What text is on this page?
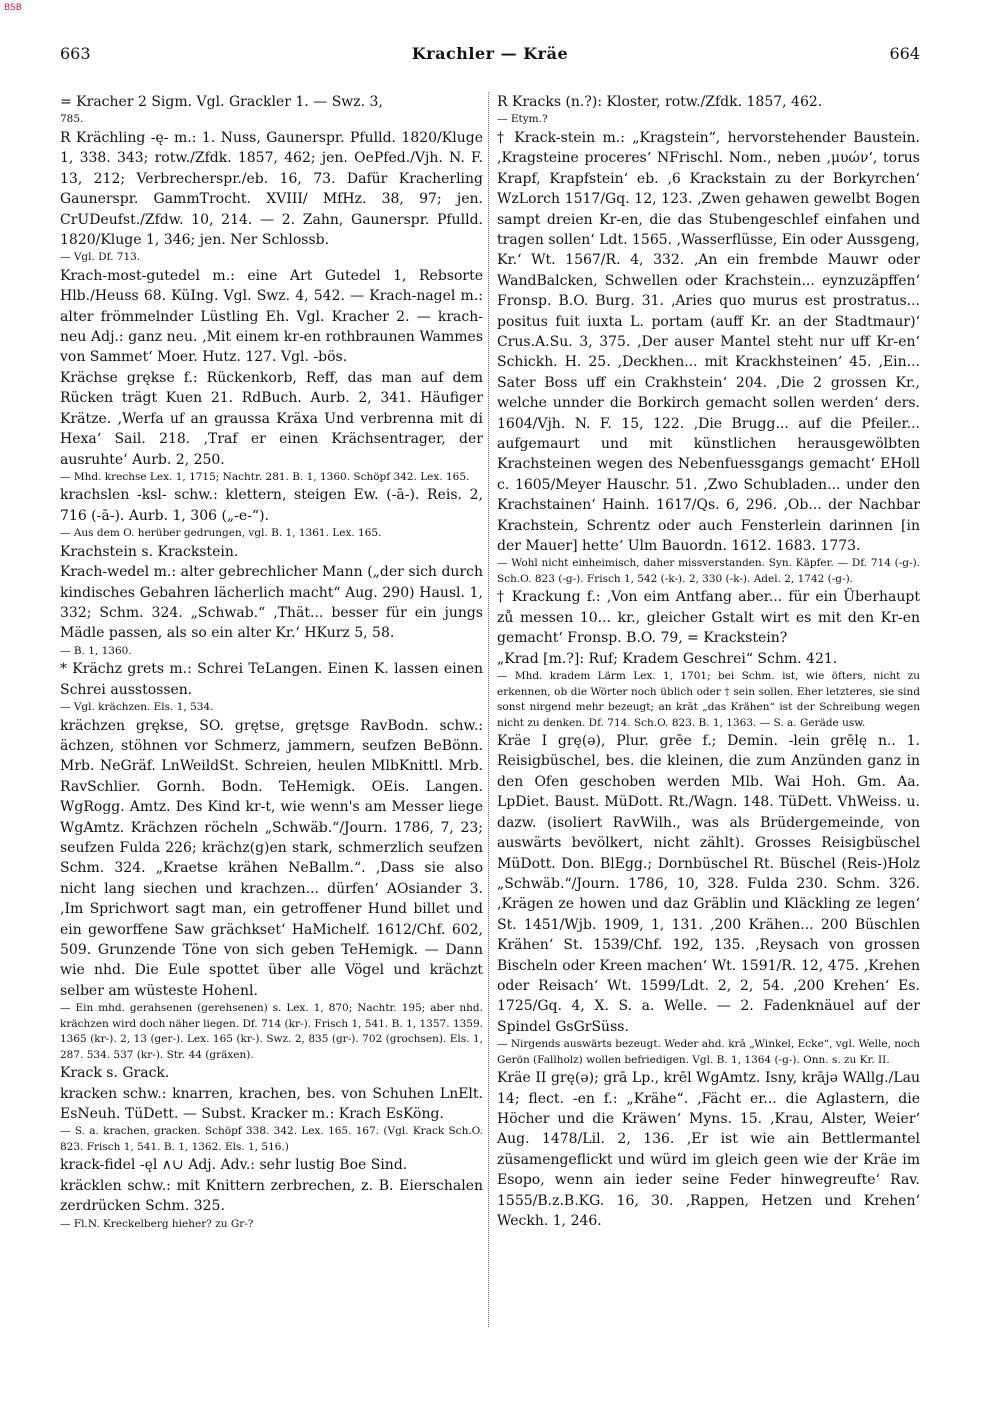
BSB
663	Krachler — Kräe	664

= Kracher 2 Sigm. Vgl. Grackler 1. — Swz. 3,

785.

R Krächling -ę- m.: 1. Nuss, Gaunerspr. Pfulld. 1820/Kluge 1, 338. 343; rotw./Zfdk. 1857, 462; jen. OePfed./Vjh. N. F. 13, 212; Verbrecherspr./eb. 16, 73. Dafür Kracherling Gaunerspr. GammTrocht. XVIII/ MfHz. 38, 97; jen. CrUDeufst./Zfdw. 10, 214. — 2. Zahn, Gaunerspr. Pfulld. 1820/Kluge 1, 346; jen. Ner Schlossb.

— Vgl. Df. 713.

Krach-most-gutedel m.: eine Art Gutedel 1, Rebsorte Hlb./Heuss 68. KüIng. Vgl. Swz. 4, 542. — Krach-nagel m.: alter frömmelnder Lüstling Eh. Vgl. Kracher 2. — krach-neu Adj.: ganz neu. ‚Mit einem kr-en rothbraunen Wammes von Sammet‘ Moer. Hutz. 127. Vgl. -bös.

Krächse grękse f.: Rückenkorb, Reff, das man auf dem Rücken trägt Kuen 21. RdBuch. Aurb. 2, 341. Häufiger Krätze. ‚Werfa uf an graussa Kräxa Und verbrenna mit di Hexa‘ Sail. 218. ‚Traf er einen Krächsentrager, der ausruhte‘ Aurb. 2, 250.

— Mhd. krechse Lex. 1, 1715; Nachtr. 281. B. 1, 1360. Schöpf 342. Lex. 165.

krachslen -ksl- schw.: klettern, steigen Ew. (-ā-). Reis. 2, 716 (-ā-). Aurb. 1, 306 („-e-“).

— Aus dem O. herüber gedrungen, vgl. B. 1, 1361. Lex. 165.

Krachstein s. Krackstein.

Krach-wedel m.: alter gebrechlicher Mann („der sich durch kindisches Gebahren lächerlich macht“ Aug. 290) Hausl. 1, 332; Schm. 324. „Schwab.“ ‚Thät... besser für ein jungs Mädle passen, als so ein alter Kr.‘ HKurz 5, 58.

— B. 1, 1360.

* Krächz grets m.: Schrei TeLangen. Einen K. lassen einen Schrei ausstossen.

— Vgl. krächzen. Els. 1, 534.

krächzen grękse, SO. grętse, grętsge RavBodn. schw.: ächzen, stöhnen vor Schmerz, jammern, seufzen BeBönn. Mrb. NeGräf. LnWeildSt. Schreien, heulen MlbKnittl. Mrb. RavSchlier. Gornh. Bodn. TeHemigk. OEis. Langen. WgRogg. Amtz. Des Kind kr-t, wie wenn's am Messer liege WgAmtz. Krächzen röcheln „Schwäb.“/Journ. 1786, 7, 23; seufzen Fulda 226; krächz(g)en stark, schmerzlich seufzen Schm. 324. „Kraetse krähen NeBallm.“. ‚Dass sie also nicht lang siechen und krachzen... dürfen‘ AOsiander 3. ‚Im Sprichwort sagt man, ein getroffener Hund billet und ein geworffene Saw grächkset‘ HaMichelf. 1612/Chf. 602, 509. Grunzende Töne von sich geben TeHemigk. — Dann wie nhd. Die Eule spottet über alle Vögel und krächzt selber am wüsteste Hohenl.

— Ein mhd. gerahsenen (gerehsenen) s. Lex. 1, 870; Nachtr. 195; aber nhd. krächzen wird doch näher liegen. Df. 714 (kr-). Frisch 1, 541. B. 1, 1357. 1359. 1365 (kr-). 2, 13 (ger-). Lex. 165 (kr-). Swz. 2, 835 (gr-). 702 (grochsen). Els. 1, 287. 534. 537 (kr-). Str. 44 (gräxen).

Krack s. Grack.

kracken schw.: knarren, krachen, bes. von Schuhen LnElt. EsNeuh. TüDett. — Subst. Kracker m.: Krach EsKöng.

— S. a. krachen, gracken. Schöpf 338. 342. Lex. 165. 167. (Vgl. Krack Sch.O. 823. Frisch 1, 541. B. 1, 1362. Els. 1, 516.)

krack-fidel -ęl ∧∪ Adj. Adv.: sehr lustig Boe Sind.

kräcklen schw.: mit Knittern zerbrechen, z. B. Eierschalen zerdrücken Schm. 325.

— Fl.N. Kreckelberg hieher? zu Gr-?

R Kracks (n.?): Kloster, rotw./Zfdk. 1857, 462.

— Etym.?

† Krack-stein m.: „Kragstein“, hervorstehender Baustein. ‚Kragsteine proceres‘ NFrischl. Nom., neben ‚μυών‘, torus Krapf, Krapfstein‘ eb. ‚6 Krackstain zu der Borkyrchen‘ WzLorch 1517/Gq. 12, 123. ‚Zwen gehawen gewelbt Bogen sampt dreien Kr-en, die das Stubengeschlef einfahen und tragen sollen‘ Ldt. 1565. ‚Wasserflüsse, Ein oder Aussgeng, Kr.‘ Wt. 1567/R. 4, 332. ‚An ein frembde Mauwr oder WandBalcken, Schwellen oder Krachstein... eynzuzäpffen‘ Fronsp. B.O. Burg. 31. ‚Aries quo murus est prostratus... positus fuit iuxta L. portam (auff Kr. an der Stadtmaur)‘ Crus.A.Su. 3, 375. ‚Der auser Mantel steht nur uff Kr-en‘ Schickh. H. 25. ‚Deckhen... mit Krackhsteinen‘ 45. ‚Ein... Sater Boss uff ein Crakhstein‘ 204. ‚Die 2 grossen Kr., welche unnder die Borkirch gemacht sollen werden‘ ders. 1604/Vjh. N. F. 15, 122. ‚Die Brugg... auf die Pfeiler... aufgemaurt und mit künstlichen herausgewölbten Krachsteinen wegen des Nebenfuessgangs gemacht‘ EHoll c. 1605/Meyer Hauschr. 51. ‚Zwo Schubladen... under den Krachstainen‘ Hainh. 1617/Qs. 6, 296. ‚Ob... der Nachbar Krachstein, Schrentz oder auch Fensterlein darinnen [in der Mauer] hette‘ Ulm Bauordn. 1612. 1683. 1773.

— Wohl nicht einheimisch, daher missverstanden. Syn. Käpfer. — Df. 714 (-g-). Sch.O. 823 (-g-). Frisch 1, 542 (-k-). 2, 330 (-k-). Adel. 2, 1742 (-g-).

† Krackung f.: ‚Von eim Antfang aber... für ein Überhaupt zů messen 10... kr., gleicher Gstalt wirt es mit den Kr-en gemacht‘ Fronsp. B.O. 79, = Krackstein?

„Krad [m.?]: Ruf; Kradem Geschrei“ Schm. 421.

— Mhd. kradem Lärm Lex. 1, 1701; bei Schm. ist, wie öfters, nicht zu erkennen, ob die Wörter noch üblich oder † sein sollen. Eher letzteres, sie sind sonst nirgend mehr bezeugt; an krāt „das Krähen“ ist der Schreibung wegen nicht zu denken. Df. 714. Sch.O. 823. B. 1, 1363. — S. a. Geräde usw.

Kräe I grę(ə), Plur. grēe f.; Demin. -lein grēlę n.. 1. Reisigbüschel, bes. die kleinen, die zum Anzünden ganz in den Ofen geschoben werden Mlb. Wai Hoh. Gm. Aa. LpDiet. Baust. MüDott. Rt./Wagn. 148. TüDett. VhWeiss. u. dazw. (isoliert RavWilh., was als Brüdergemeinde, von auswärts bevölkert, nicht zählt). Grosses Reisigbüschel MüDott. Don. BlEgg.; Dornbüschel Rt. Büschel (Reis-)Holz „Schwäb.“/Journ. 1786, 10, 328. Fulda 230. Schm. 326. ‚Krägen ze howen und daz Gräblin und Kläckling ze legen‘ St. 1451/Wjb. 1909, 1, 131. ‚200 Krähen... 200 Büschlen Krähen‘ St. 1539/Chf. 192, 135. ‚Reysach von grossen Bischeln oder Kreen machen‘ Wt. 1591/R. 12, 475. ‚Krehen oder Reisach‘ Wt. 1599/Ldt. 2, 2, 54. ‚200 Krehen‘ Es. 1725/Gq. 4, X. S. a. Welle. — 2. Fadenknäuel auf der Spindel GsGrSüss.

— Nirgends auswärts bezeugt. Weder ahd. krā „Winkel, Ecke“, vgl. Welle, noch Gerön (Fallholz) wollen befriedigen. Vgl. B. 1, 1364 (-g-). Onn. s. zu Kr. II.

Kräe II grę(ə); grā Lp., krēl WgAmtz. Isny, krājə WAllg./Lau 14; flect. -en f.: „Krähe“. ‚Fächt er... die Aglastern, die Höcher und die Kräwen‘ Myns. 15. ‚Krau, Alster, Weier‘ Aug. 1478/Lil. 2, 136. ‚Er ist wie ain Bettlermantel züsamengeflickt und würd im gleich geen wie der Kräe im Esopo, wenn ain ieder seine Feder hinwegreufte‘ Rav. 1555/B.z.B.KG. 16, 30. ‚Rappen, Hetzen und Krehen‘ Weckh. 1, 246.
